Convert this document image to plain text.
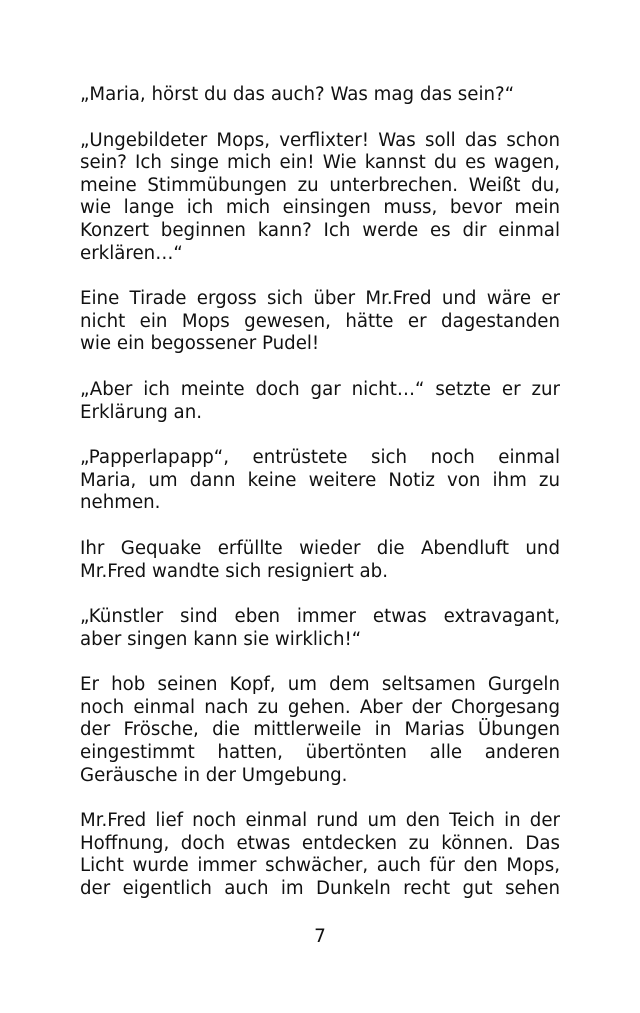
„Maria, hörst du das auch? Was mag das sein?“

„Ungebildeter Mops, verflixter! Was soll das schon
sein? Ich singe mich ein! Wie kannst du es wagen,
meine Stimmübungen zu unterbrechen. Weißt du,
wie lange ich mich einsingen muss, bevor mein
Konzert beginnen kann? Ich werde es dir einmal
erklären…“

Eine Tirade ergoss sich über Mr.Fred und wäre er
nicht ein Mops gewesen, hätte er dagestanden
wie ein begossener Pudel!

„Aber ich meinte doch gar nicht…“ setzte er zur
Erklärung an.

„Papperlapapp“, entrüstete sich noch einmal
Maria, um dann keine weitere Notiz von ihm zu
nehmen.

Ihr Gequake erfüllte wieder die Abendluft und
Mr.Fred wandte sich resigniert ab.

„Künstler sind eben immer etwas extravagant,
aber singen kann sie wirklich!“

Er hob seinen Kopf, um dem seltsamen Gurgeln
noch einmal nach zu gehen. Aber der Chorgesang
der Frösche, die mittlerweile in Marias Übungen
eingestimmt hatten, übertönten alle anderen
Geräusche in der Umgebung.

Mr.Fred lief noch einmal rund um den Teich in der
Hoffnung, doch etwas entdecken zu können. Das
Licht wurde immer schwächer, auch für den Mops,
der eigentlich auch im Dunkeln recht gut sehen

7
